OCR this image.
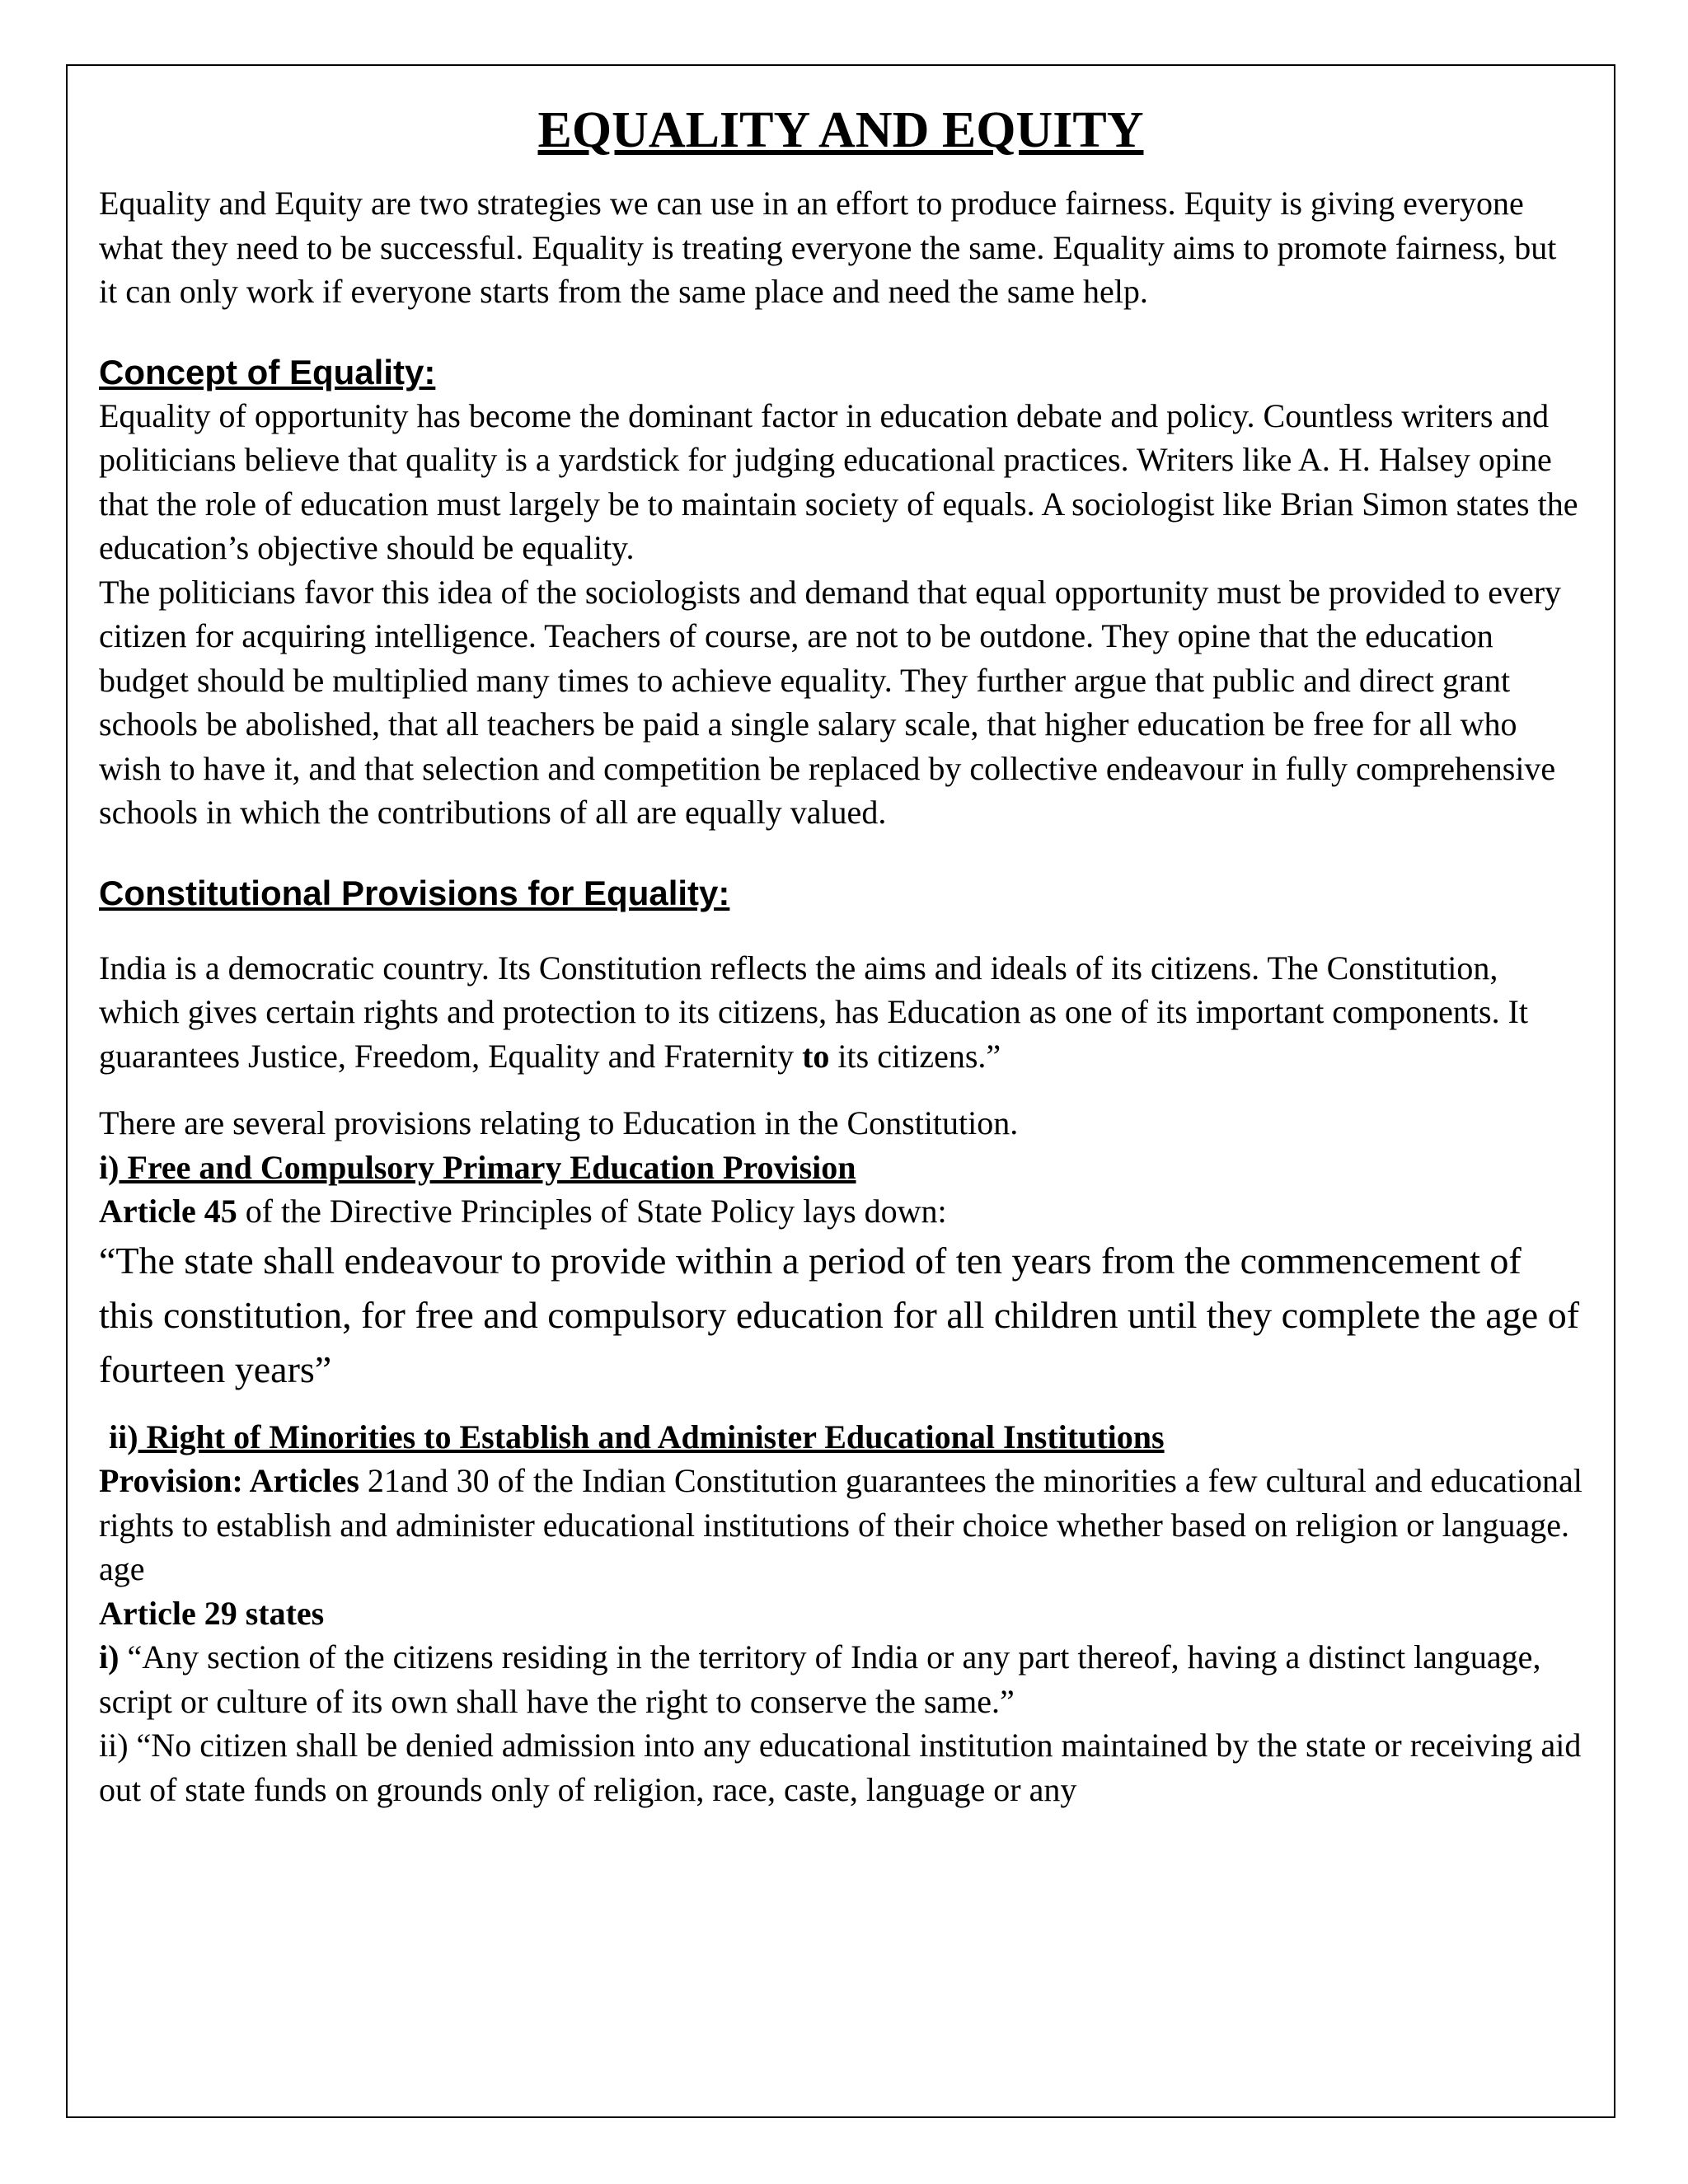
EQUALITY AND EQUITY

Equality and Equity are two strategies we can use in an effort to produce fairness. Equity is giving everyone what they need to be successful. Equality is treating everyone the same. Equality aims to promote fairness, but it can only work if everyone starts from the same place and need the same help.

Concept of Equality:

Equality of opportunity has become the dominant factor in education debate and policy. Countless writers and politicians believe that quality is a yardstick for judging educational practices. Writers like A. H. Halsey opine that the role of education must largely be to maintain society of equals. A sociologist like Brian Simon states the education’s objective should be equality.

The politicians favor this idea of the sociologists and demand that equal opportunity must be provided to every citizen for acquiring intelligence. Teachers of course, are not to be outdone. They opine that the education budget should be multiplied many times to achieve equality. They further argue that public and direct grant schools be abolished, that all teachers be paid a single salary scale, that higher education be free for all who wish to have it, and that selection and competition be replaced by collective endeavour in fully comprehensive schools in which the contributions of all are equally valued.

Constitutional Provisions for Equality:

India is a democratic country. Its Constitution reflects the aims and ideals of its citizens. The Constitution, which gives certain rights and protection to its citizens, has Education as one of its important components. It guarantees Justice, Freedom, Equality and Fraternity to its citizens.”

There are several provisions relating to Education in the Constitution.

i) Free and Compulsory Primary Education Provision

Article 45 of the Directive Principles of State Policy lays down:

“The state shall endeavour to provide within a period of ten years from the commencement of this constitution, for free and compulsory education for all children until they complete the age of fourteen years”

ii) Right of Minorities to Establish and Administer Educational Institutions

Provision: Articles 21and 30 of the Indian Constitution guarantees the minorities a few cultural and educational rights to establish and administer educational institutions of their choice whether based on religion or language.

age

Article 29 states

i) “Any section of the citizens residing in the territory of India or any part thereof, having a distinct language, script or culture of its own shall have the right to conserve the same.”

ii) “No citizen shall be denied admission into any educational institution maintained by the state or receiving aid out of state funds on grounds only of religion, race, caste, language or any
